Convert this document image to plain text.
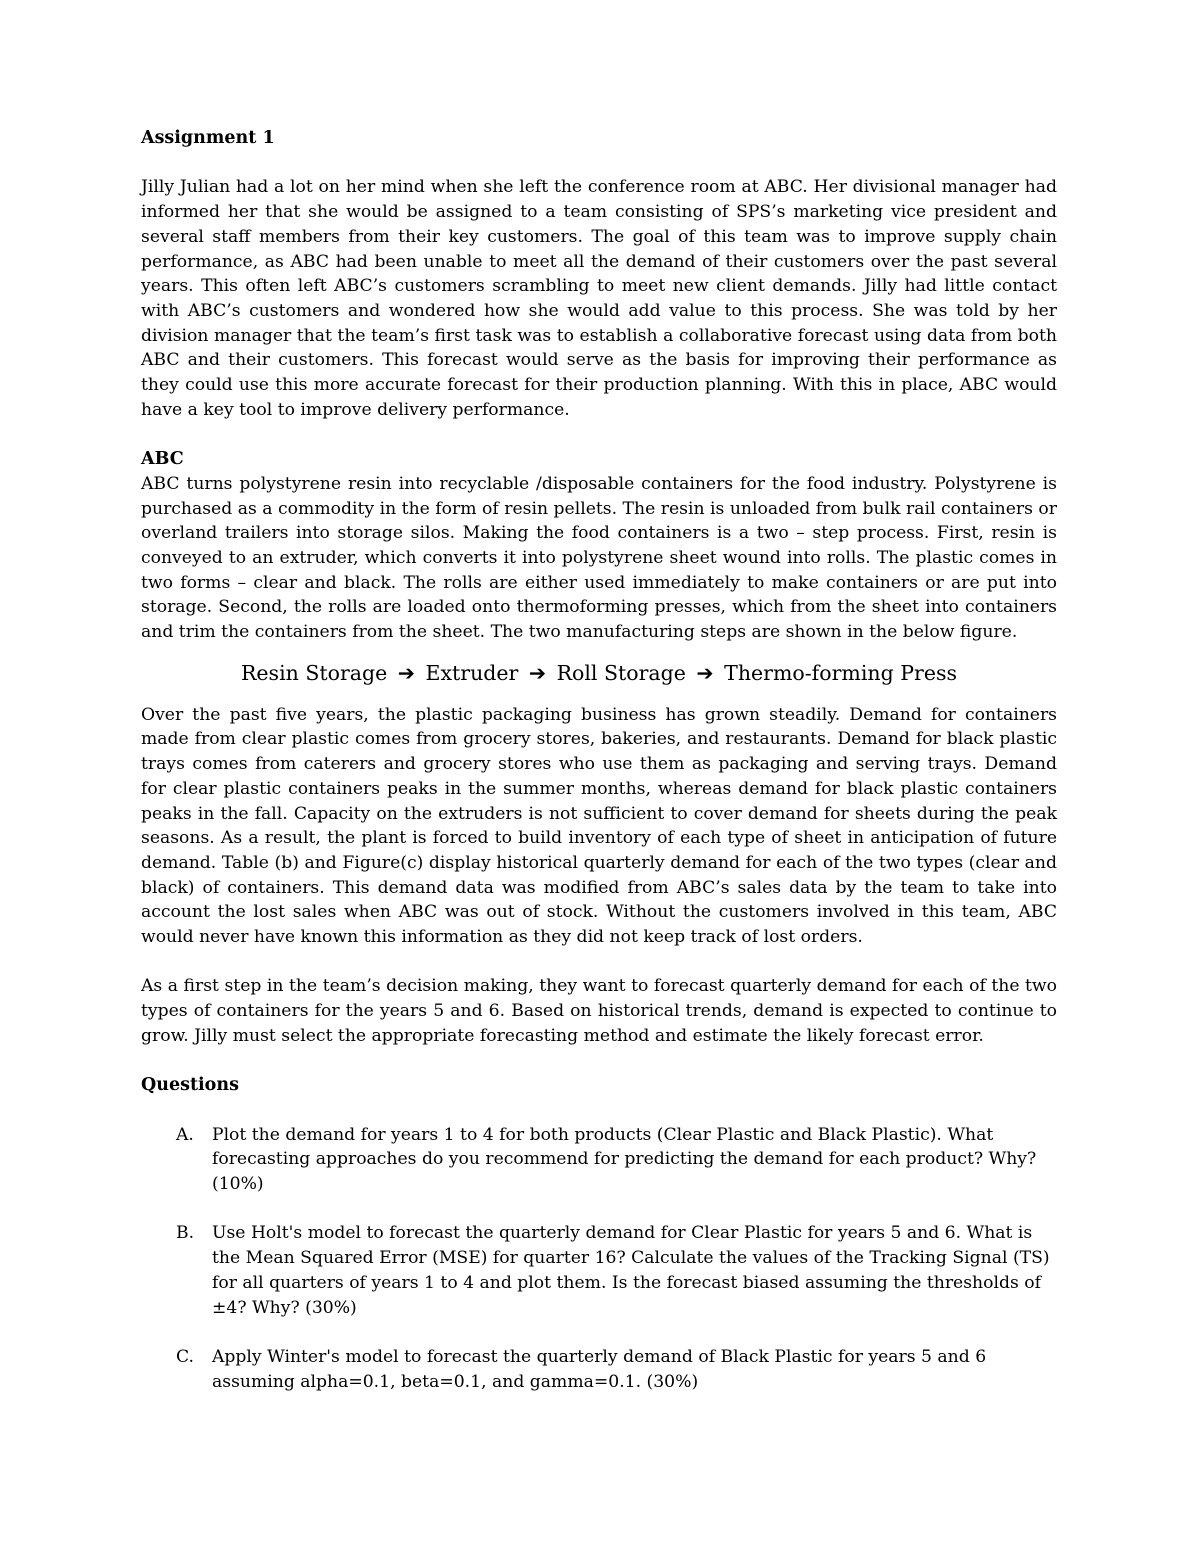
Assignment 1

Jilly Julian had a lot on her mind when she left the conference room at ABC. Her divisional manager had informed her that she would be assigned to a team consisting of SPS’s marketing vice president and several staff members from their key customers. The goal of this team was to improve supply chain performance, as ABC had been unable to meet all the demand of their customers over the past several years. This often left ABC’s customers scrambling to meet new client demands. Jilly had little contact with ABC’s customers and wondered how she would add value to this process. She was told by her division manager that the team’s first task was to establish a collaborative forecast using data from both ABC and their customers. This forecast would serve as the basis for improving their performance as they could use this more accurate forecast for their production planning. With this in place, ABC would have a key tool to improve delivery performance.

ABC

ABC turns polystyrene resin into recyclable /disposable containers for the food industry. Polystyrene is purchased as a commodity in the form of resin pellets. The resin is unloaded from bulk rail containers or overland trailers into storage silos. Making the food containers is a two – step process. First, resin is conveyed to an extruder, which converts it into polystyrene sheet wound into rolls. The plastic comes in two forms – clear and black. The rolls are either used immediately to make containers or are put into storage. Second, the rolls are loaded onto thermoforming presses, which from the sheet into containers and trim the containers from the sheet. The two manufacturing steps are shown in the below figure.

Resin Storage ➔ Extruder ➔ Roll Storage ➔ Thermo-forming Press

Over the past five years, the plastic packaging business has grown steadily. Demand for containers made from clear plastic comes from grocery stores, bakeries, and restaurants. Demand for black plastic trays comes from caterers and grocery stores who use them as packaging and serving trays. Demand for clear plastic containers peaks in the summer months, whereas demand for black plastic containers peaks in the fall. Capacity on the extruders is not sufficient to cover demand for sheets during the peak seasons. As a result, the plant is forced to build inventory of each type of sheet in anticipation of future demand. Table (b) and Figure(c) display historical quarterly demand for each of the two types (clear and black) of containers. This demand data was modified from ABC’s sales data by the team to take into account the lost sales when ABC was out of stock. Without the customers involved in this team, ABC would never have known this information as they did not keep track of lost orders.

As a first step in the team’s decision making, they want to forecast quarterly demand for each of the two types of containers for the years 5 and 6. Based on historical trends, demand is expected to continue to grow. Jilly must select the appropriate forecasting method and estimate the likely forecast error.

Questions

A. Plot the demand for years 1 to 4 for both products (Clear Plastic and Black Plastic). What forecasting approaches do you recommend for predicting the demand for each product? Why? (10%)
B. Use Holt's model to forecast the quarterly demand for Clear Plastic for years 5 and 6. What is the Mean Squared Error (MSE) for quarter 16? Calculate the values of the Tracking Signal (TS) for all quarters of years 1 to 4 and plot them. Is the forecast biased assuming the thresholds of ±4? Why? (30%)
C. Apply Winter's model to forecast the quarterly demand of Black Plastic for years 5 and 6 assuming alpha=0.1, beta=0.1, and gamma=0.1. (30%)
